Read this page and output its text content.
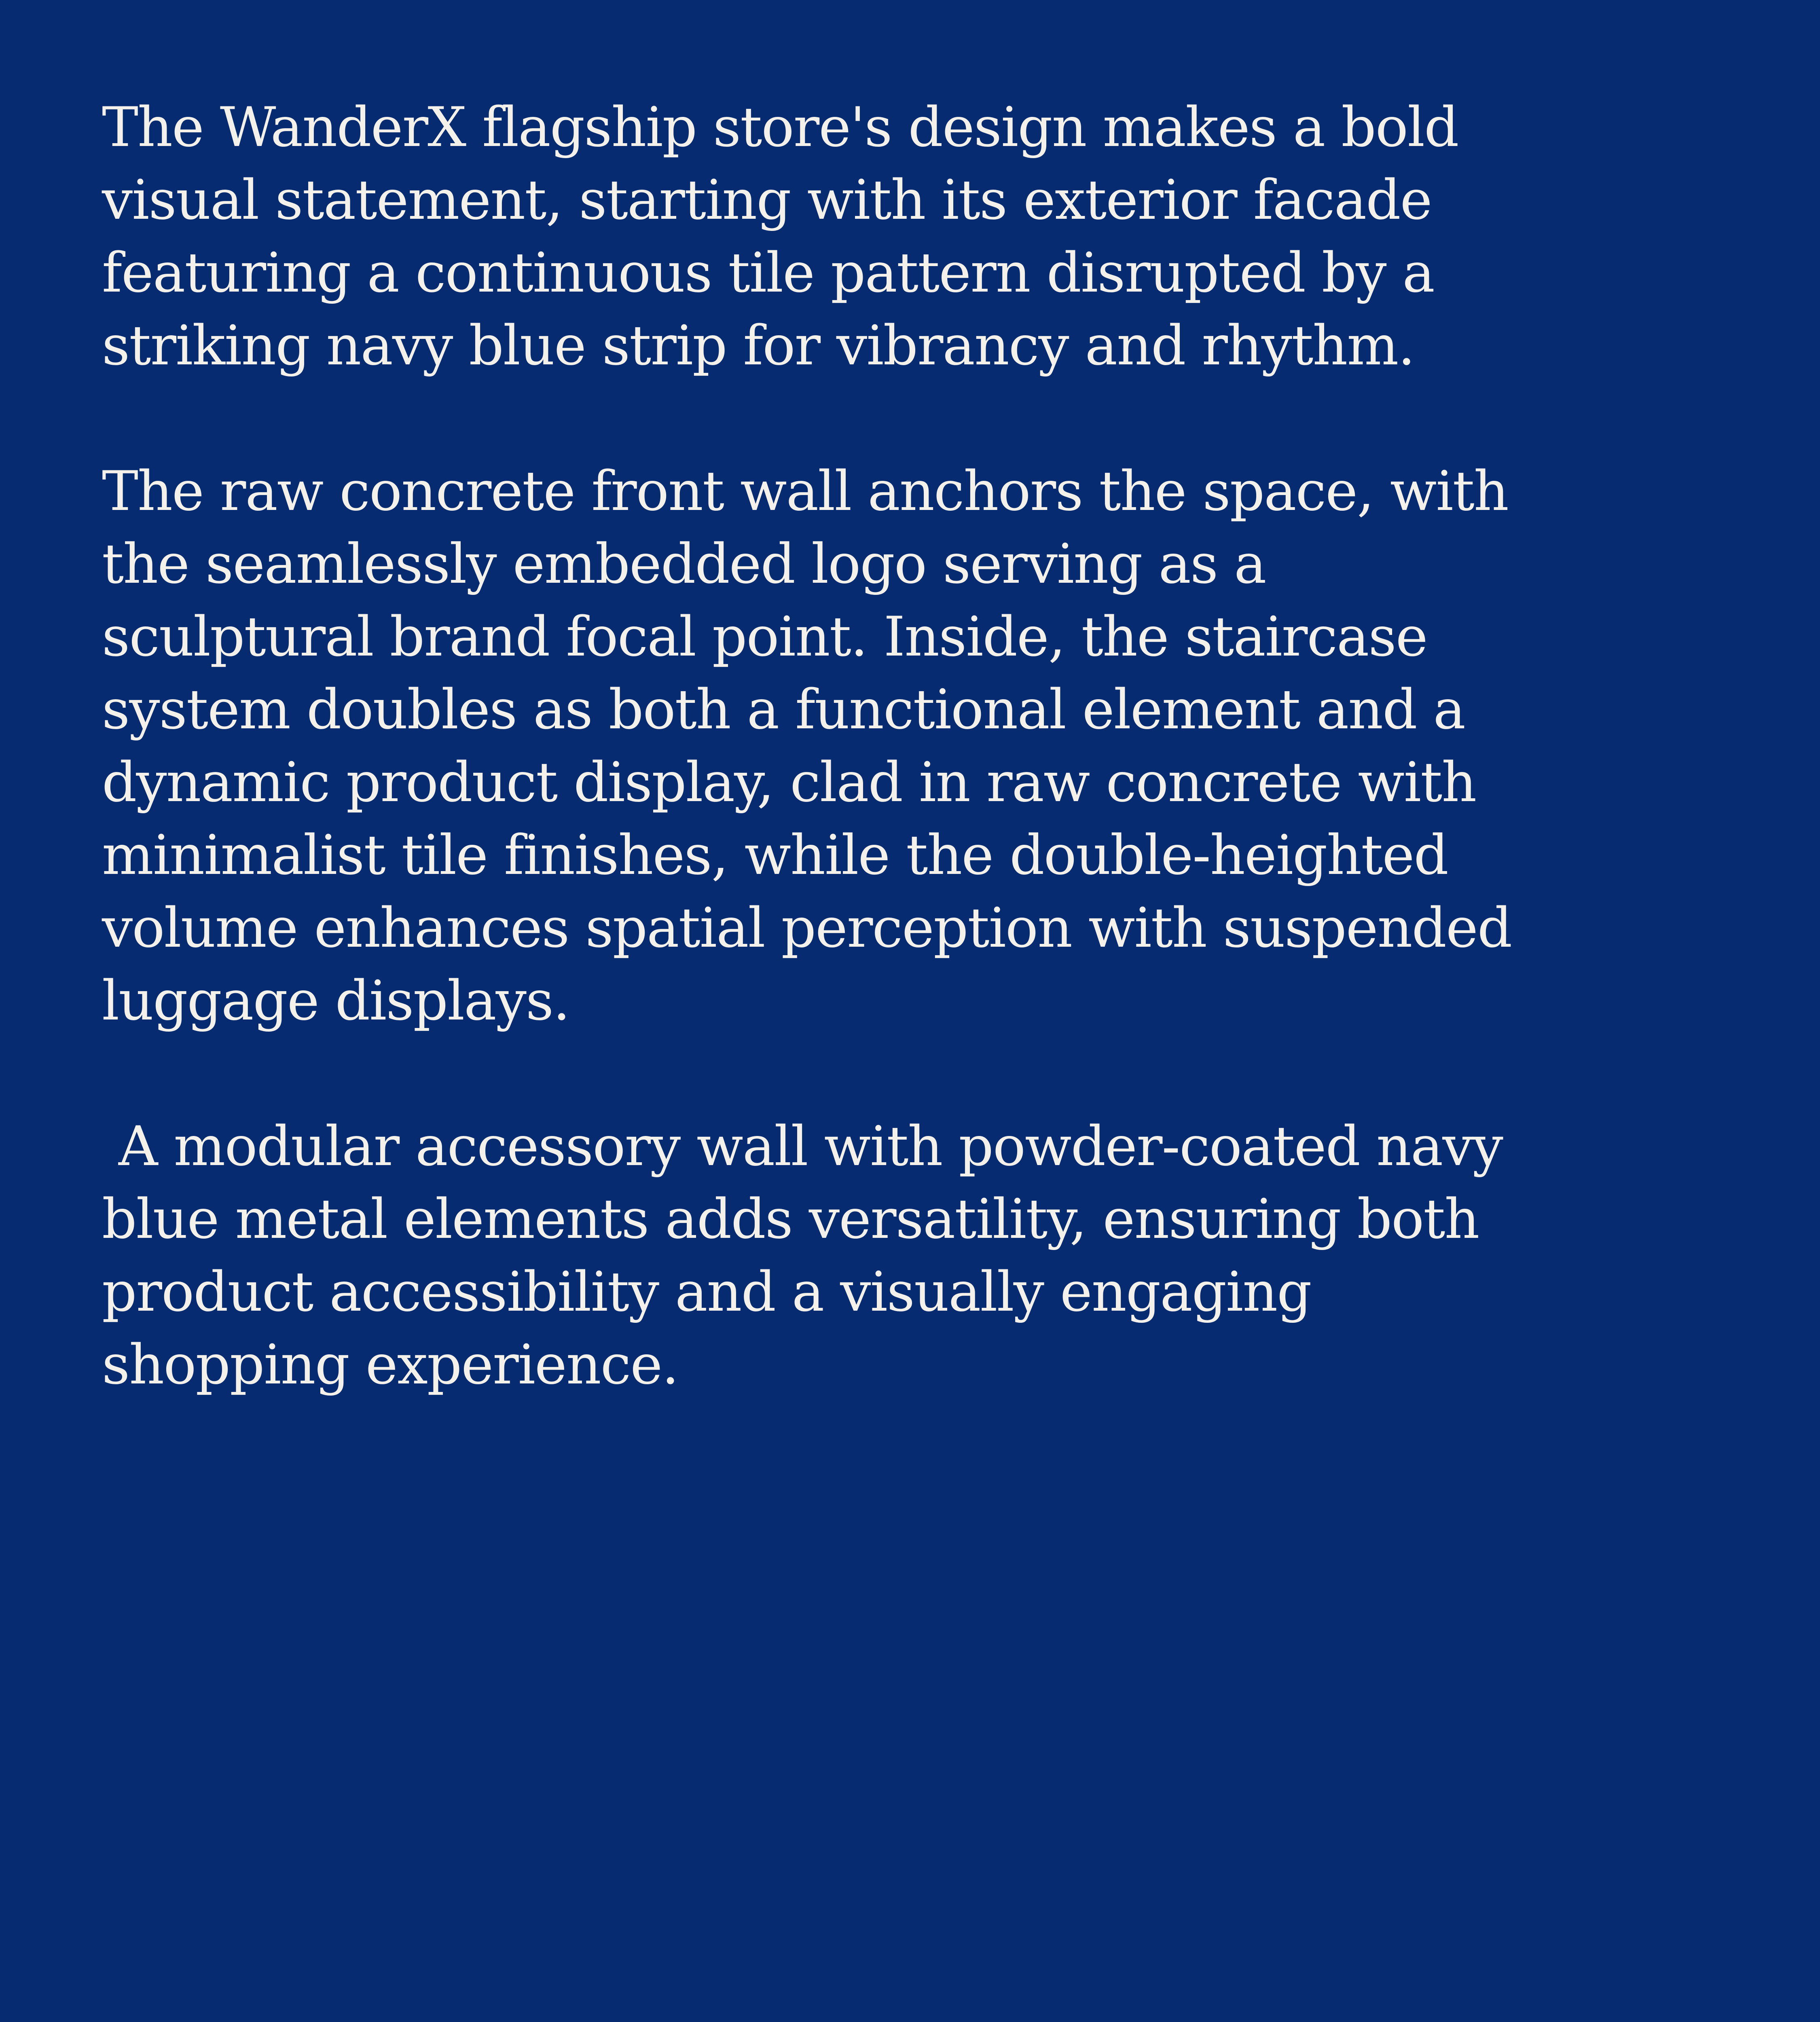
The WanderX flagship store's design makes a bold
visual statement, starting with its exterior facade
featuring a continuous tile pattern disrupted by a
striking navy blue strip for vibrancy and rhythm.

The raw concrete front wall anchors the space, with
the seamlessly embedded logo serving as a
sculptural brand focal point. Inside, the staircase
system doubles as both a functional element and a
dynamic product display, clad in raw concrete with
minimalist tile finishes, while the double-heighted
volume enhances spatial perception with suspended
luggage displays.

A modular accessory wall with powder-coated navy
blue metal elements adds versatility, ensuring both
product accessibility and a visually engaging
shopping experience.
